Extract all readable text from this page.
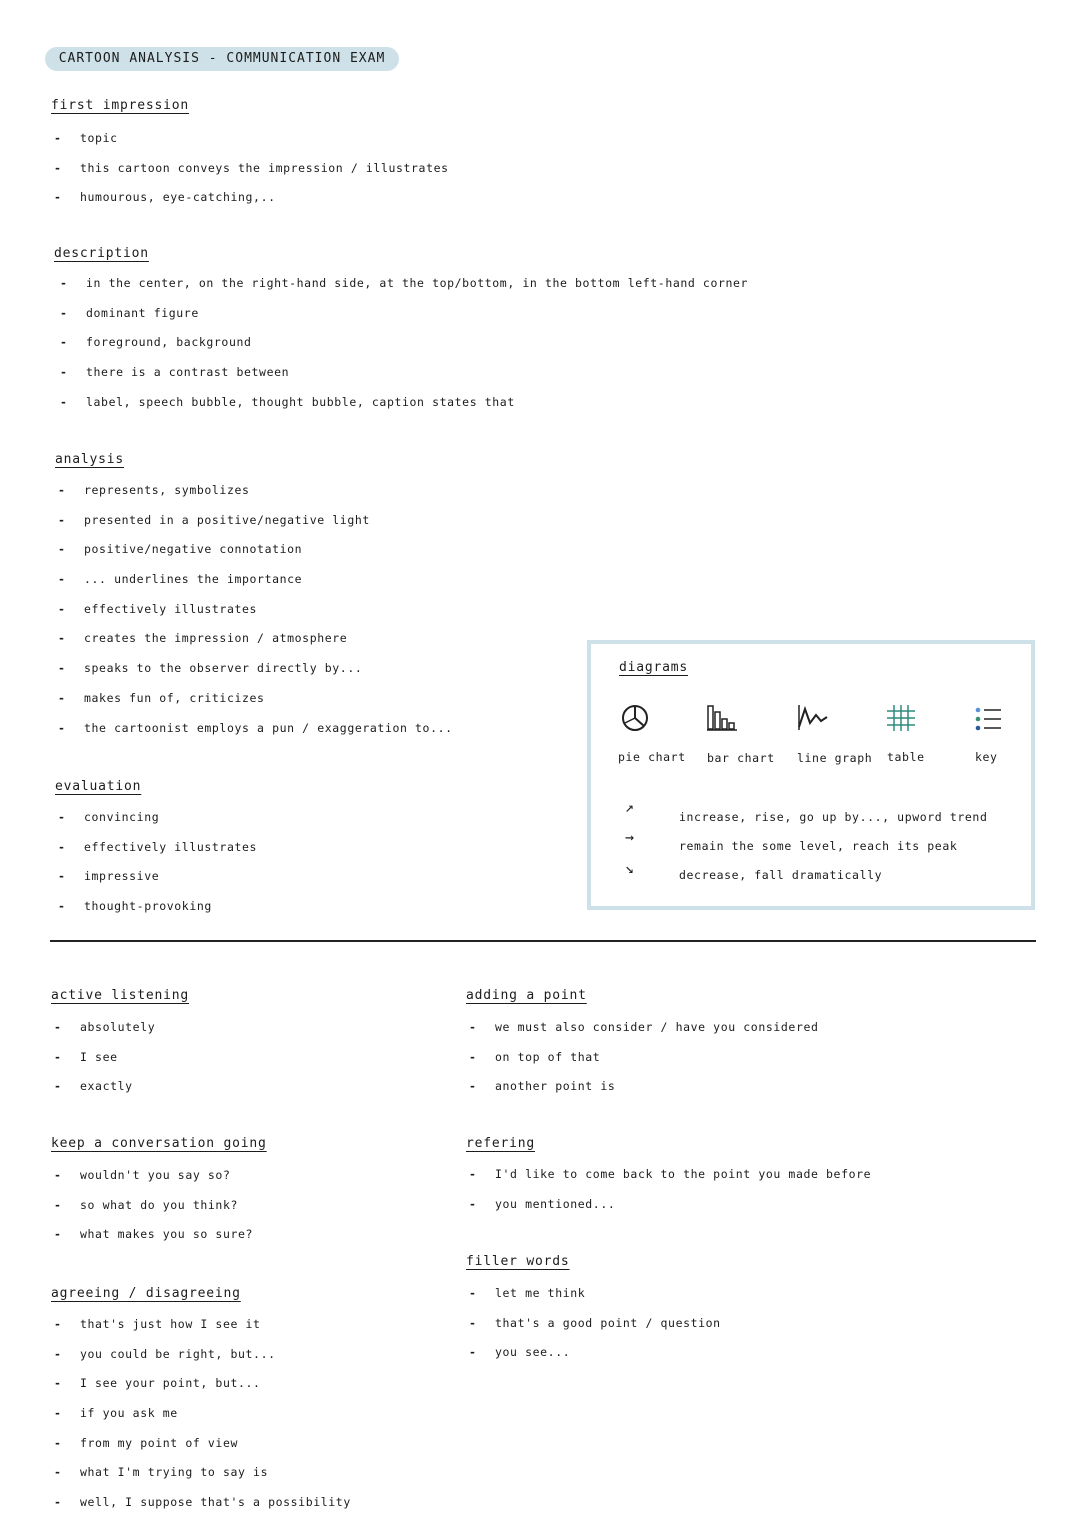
CARTOON ANALYSIS - COMMUNICATION EXAM
first impression
- topic
- this cartoon conveys the impression / illustrates
- humourous, eye-catching,..
description
- in the center, on the right-hand side, at the top/bottom, in the bottom left-hand corner
- dominant figure
- foreground, background
- there is a contrast between
- label, speech bubble, thought bubble, caption states that
analysis
- represents, symbolizes
- presented in a positive/negative light
- positive/negative connotation
- ... underlines the importance
- effectively illustrates
- creates the impression / atmosphere
- speaks to the observer directly by...
- makes fun of, criticizes
- the cartoonist employs a pun / exaggeration to...
evaluation
- convincing
- effectively illustrates
- impressive
- thought-provoking
diagrams
pie chart bar chart line graph table	key
↗
→
↘
increase, rise, go up by..., upword trend
remain the some level, reach its peak
decrease, fall dramatically
active listening
- absolutely
- I see
- exactly
keep a conversation going
- wouldn't you say so?
- so what do you think?
- what makes you so sure?
agreeing / disagreeing
- that's just how I see it
- you could be right, but...
- I see your point, but...
- if you ask me
- from my point of view
- what I'm trying to say is
- well, I suppose that's a possibility
adding a point
- we must also consider / have you considered
- on top of that
- another point is
refering
- I'd like to come back to the point you made before
- you mentioned...
filler words
- let me think
- that's a good point / question
- you see...
